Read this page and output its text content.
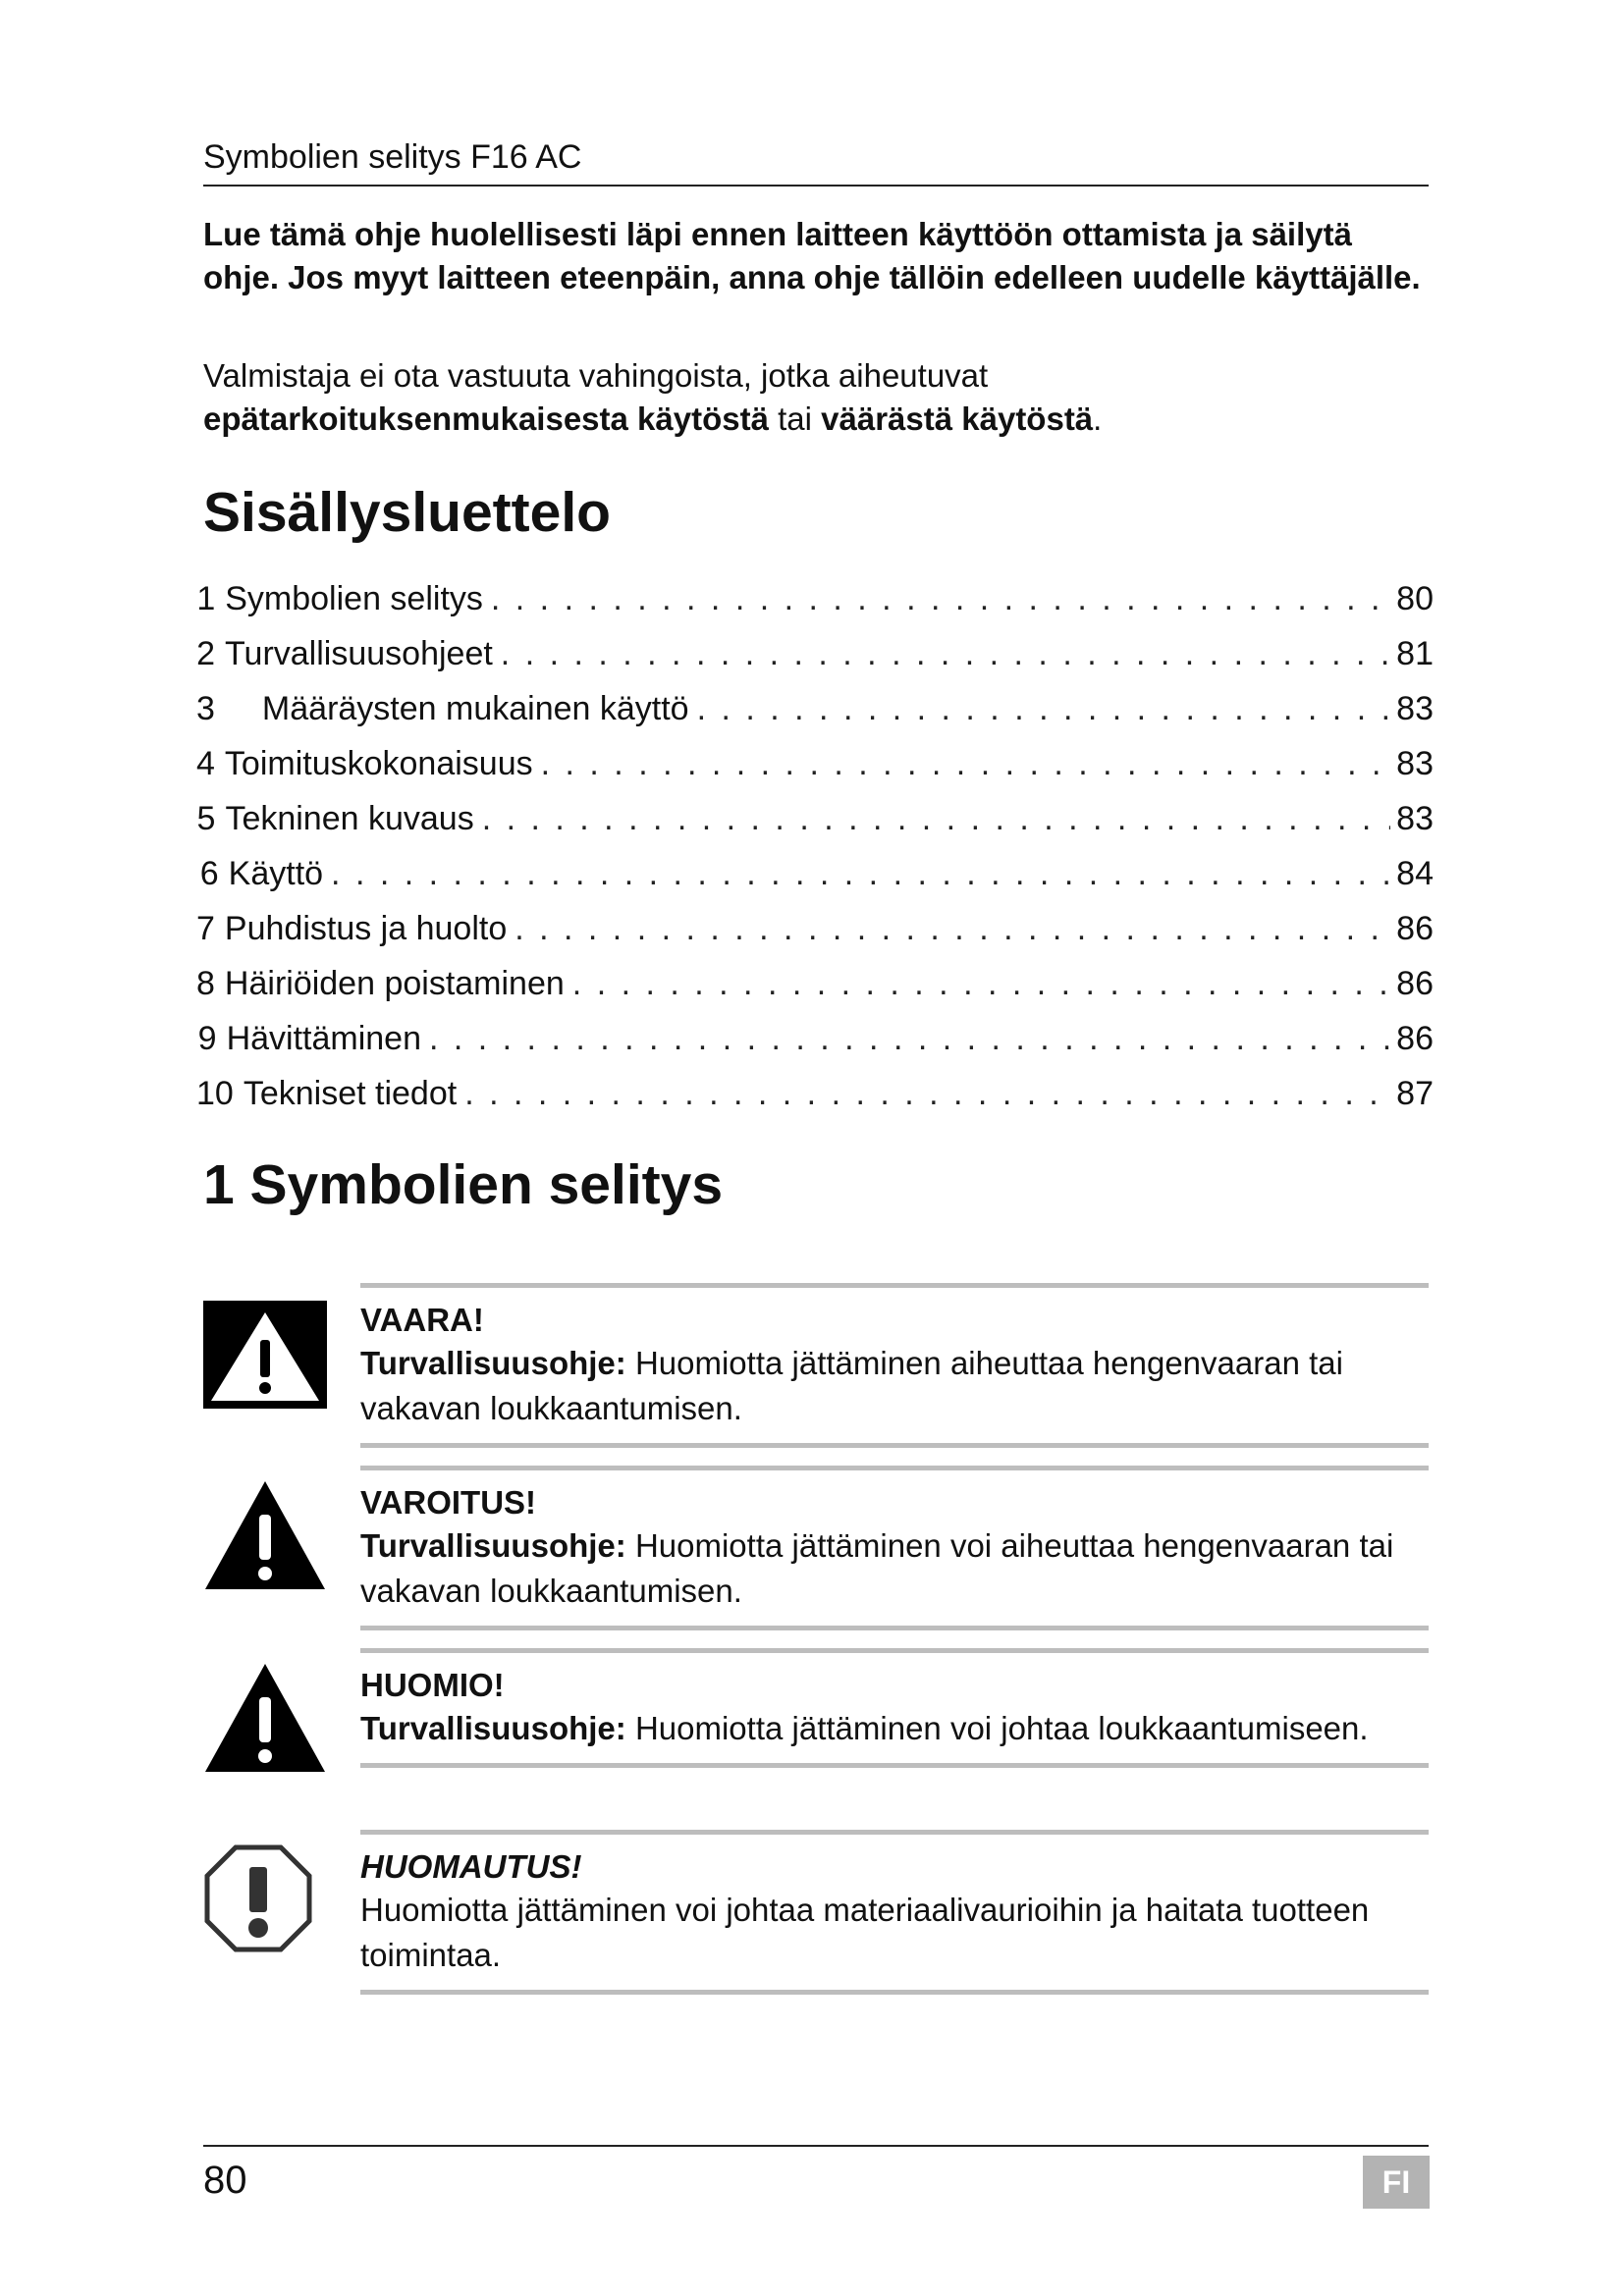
Symbolien selitys F16 AC
Lue tämä ohje huolellisesti läpi ennen laitteen käyttöön ottamista ja säilytä ohje. Jos myyt laitteen eteenpäin, anna ohje tällöin edelleen uudelle käyttäjälle.
Valmistaja ei ota vastuuta vahingoista, jotka aiheutuvat
epätarkoituksenmukaisesta käytöstä tai väärästä käytöstä.
Sisällysluettelo
1 Symbolien selitys . . .	80
2 Turvallisuusohjeet . . .	81
3	Määräysten mukainen käyttö . . .	83
4 Toimituskokonaisuus . . .	83
5 Tekninen kuvaus . . .	83
6 Käyttö . . .	84
7 Puhdistus ja huolto . . .	86
8 Häiriöiden poistaminen . . .	86
9 Hävittäminen . . .	86
10 Tekniset tiedot . . .	87
1 Symbolien selitys
VAARA!
Turvallisuusohje: Huomiotta jättäminen aiheuttaa hengenvaaran tai vakavan loukkaantumisen.
VAROITUS!
Turvallisuusohje: Huomiotta jättäminen voi aiheuttaa hengenvaaran tai vakavan loukkaantumisen.
HUOMIO!
Turvallisuusohje: Huomiotta jättäminen voi johtaa loukkaantumiseen.
HUOMAUTUS!
Huomiotta jättäminen voi johtaa materiaalivaurioihin ja haitata tuotteen toimintaa.
80	FI
